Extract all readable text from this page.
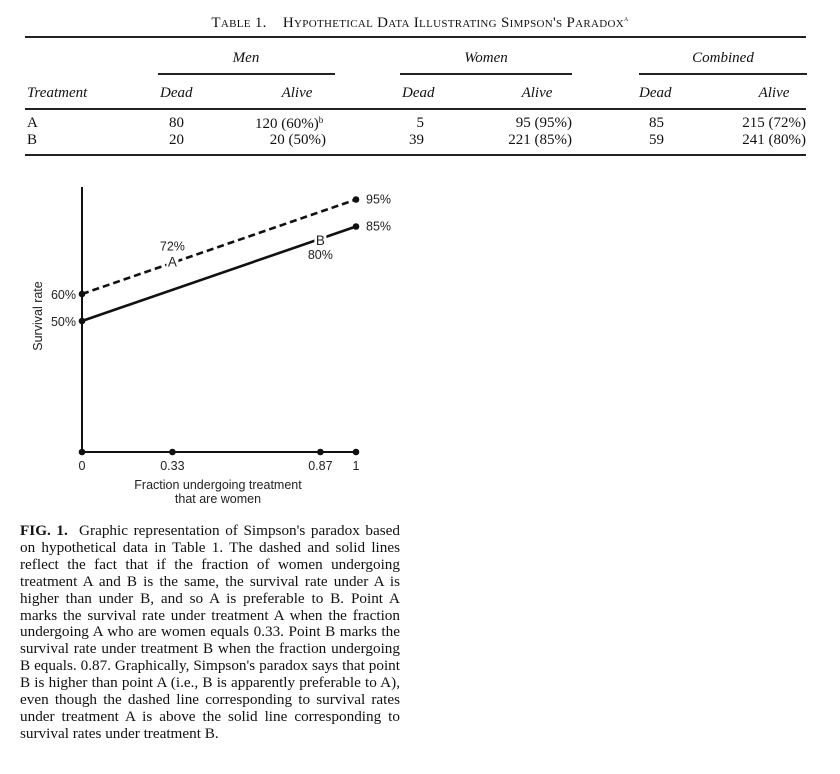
Table 1. Hypothetical Data Illustrating Simpson's Paradox$^a$
Men	Women	Combined
Treatment	Dead	Alive	Dead	Alive	Dead	Alive
A	80	120 (60%)$^b$	5	95 (95%)	85	215 (72%)
B	20	20 (50%)	39	221 (85%)	59	241 (80%)
0	0.33	0.87 1
60%
95%
50%
85%
A
72%	B
80%
Survival rate
Fraction undergoing treatment
that are women
FIG. 1. Graphic representation of Simpson's paradox based on hypothetical data in Table 1. The dashed and solid lines reflect the fact that if the fraction of women undergoing treatment A and B is the same, the survival rate under A is higher than under B, and so A is preferable to B. Point A marks the survival rate under treatment A when the fraction undergoing A who are women equals 0.33. Point B marks the survival rate under treatment B when the fraction undergoing B equals. 0.87. Graphically, Simpson's paradox says that point B is higher than point A (i.e., B is apparently preferable to A), even though the dashed line corresponding to survival rates under treatment A is above the solid line corresponding to survival rates under treatment B.
